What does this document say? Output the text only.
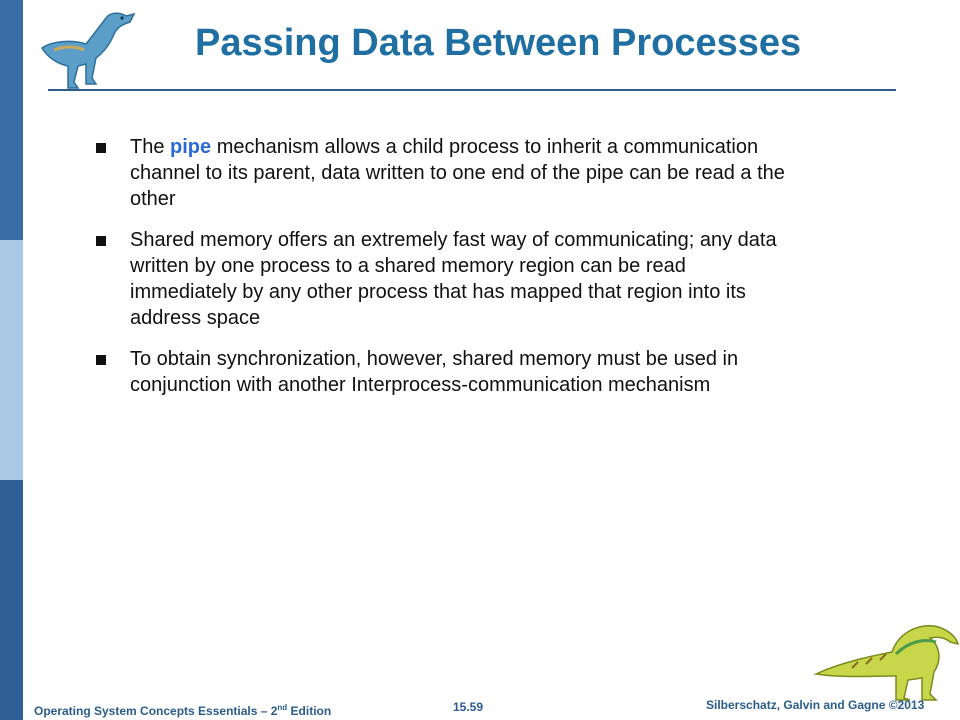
Passing Data Between Processes
The pipe mechanism allows a child process to inherit a communication channel to its parent, data written to one end of the pipe can be read a the other
Shared memory offers an extremely fast way of communicating; any data written by one process to a shared memory region can be read immediately by any other process that has mapped that region into its address space
To obtain synchronization, however, shared memory must be used in conjunction with another Interprocess-communication mechanism
Operating System Concepts Essentials – 2nd Edition	15.59	Silberschatz, Galvin and Gagne ©2013
